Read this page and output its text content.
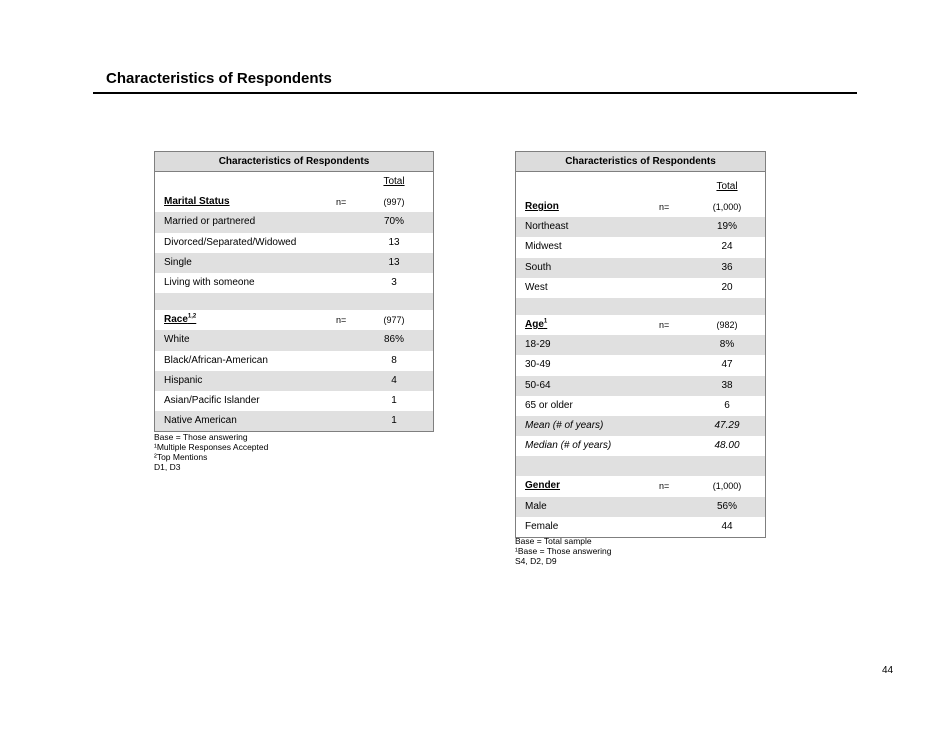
Characteristics of Respondents
Characteristics of Respondents
Total
Marital Status	n=	(997)
Married or partnered	70%
Divorced/Separated/Widowed	13
Single	13
Living with someone	3
Race$^{1,2}$	n=	(977)
White	86%
Black/African-American	8
Hispanic	4
Asian/Pacific Islander	1
Native American	1
Base = Those answering
¹Multiple Responses Accepted
²Top Mentions
D1, D3
Characteristics of Respondents
Total
Region	n=	(1,000)
Northeast	19%
Midwest	24
South	36
West	20
Age$^1$	n=	(982)
18-29	8%
30-49	47
50-64	38
65 or older	6
Mean (# of years)	47.29
Median (# of years)	48.00
Gender	n=	(1,000)
Male	56%
Female	44
Base = Total sample
¹Base = Those answering
S4, D2, D9
44
